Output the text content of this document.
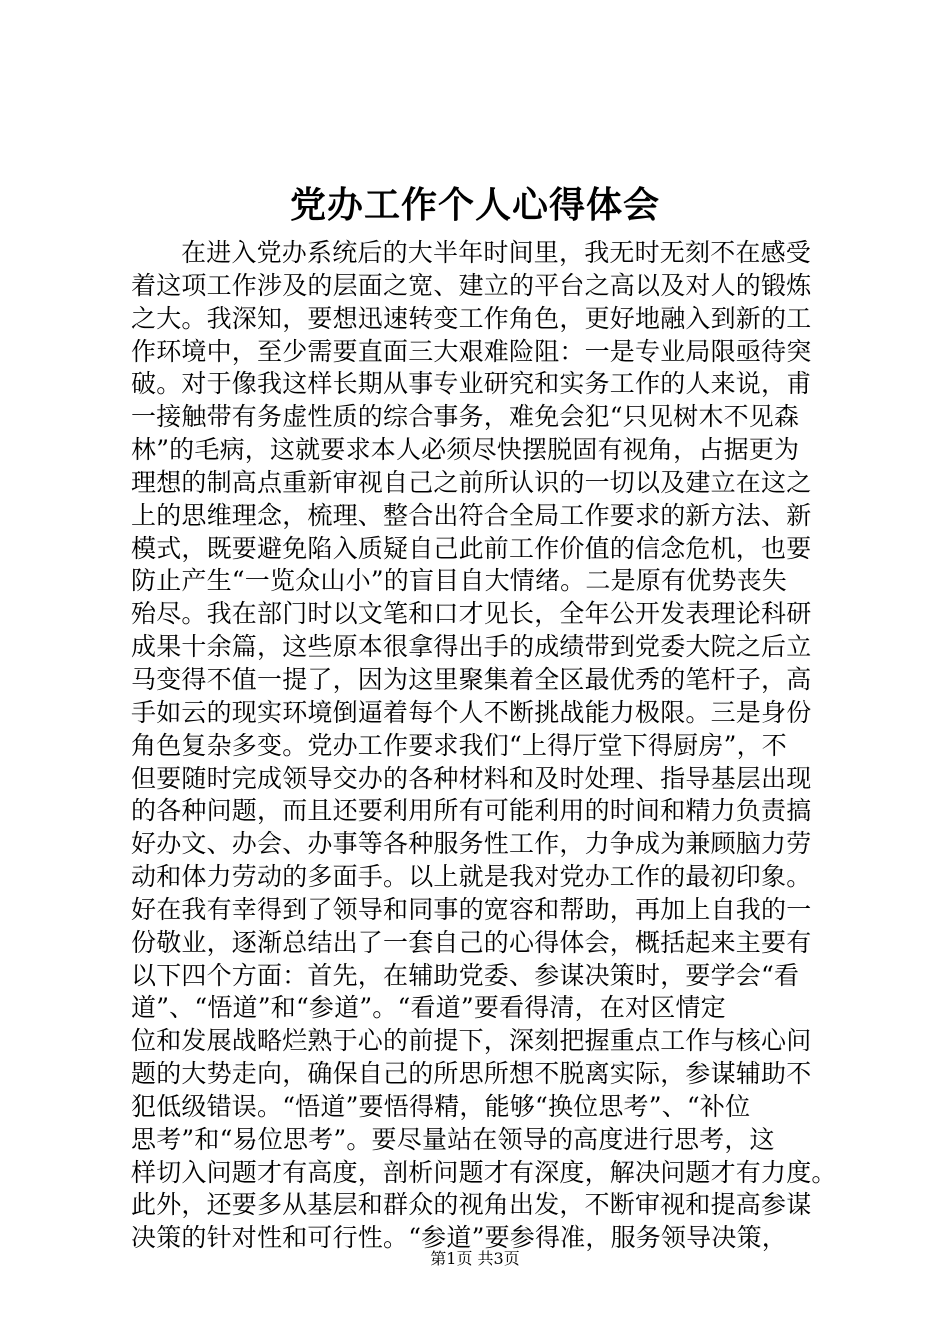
党办工作个人心得体会
在进入党办系统后的大半年时间里，我无时无刻不在感受
着这项工作涉及的层面之宽、建立的平台之高以及对人的锻炼
之大。我深知，要想迅速转变工作角色，更好地融入到新的工
作环境中，至少需要直面三大艰难险阻：一是专业局限亟待突
破。对于像我这样长期从事专业研究和实务工作的人来说，甫
一接触带有务虚性质的综合事务，难免会犯“只见树木不见森
林”的毛病，这就要求本人必须尽快摆脱固有视角，占据更为
理想的制高点重新审视自己之前所认识的一切以及建立在这之
上的思维理念，梳理、整合出符合全局工作要求的新方法、新
模式，既要避免陷入质疑自己此前工作价值的信念危机，也要
防止产生“一览众山小”的盲目自大情绪。二是原有优势丧失
殆尽。我在部门时以文笔和口才见长，全年公开发表理论科研
成果十余篇，这些原本很拿得出手的成绩带到党委大院之后立
马变得不值一提了，因为这里聚集着全区最优秀的笔杆子，高
手如云的现实环境倒逼着每个人不断挑战能力极限。三是身份
角色复杂多变。党办工作要求我们“上得厅堂下得厨房”，不
但要随时完成领导交办的各种材料和及时处理、指导基层出现
的各种问题，而且还要利用所有可能利用的时间和精力负责搞
好办文、办会、办事等各种服务性工作，力争成为兼顾脑力劳
动和体力劳动的多面手。以上就是我对党办工作的最初印象。
好在我有幸得到了领导和同事的宽容和帮助，再加上自我的一
份敬业，逐渐总结出了一套自己的心得体会，概括起来主要有
以下四个方面：首先，在辅助党委、参谋决策时，要学会“看
道”、“悟道”和“参道”。“看道”要看得清，在对区情定
位和发展战略烂熟于心的前提下，深刻把握重点工作与核心问
题的大势走向，确保自己的所思所想不脱离实际，参谋辅助不
犯低级错误。“悟道”要悟得精，能够“换位思考”、“补位
思考”和“易位思考”。要尽量站在领导的高度进行思考，这
样切入问题才有高度，剖析问题才有深度，解决问题才有力度。
此外，还要多从基层和群众的视角出发，不断审视和提高参谋
决策的针对性和可行性。“参道”要参得准，服务领导决策，
第1页 共3页
